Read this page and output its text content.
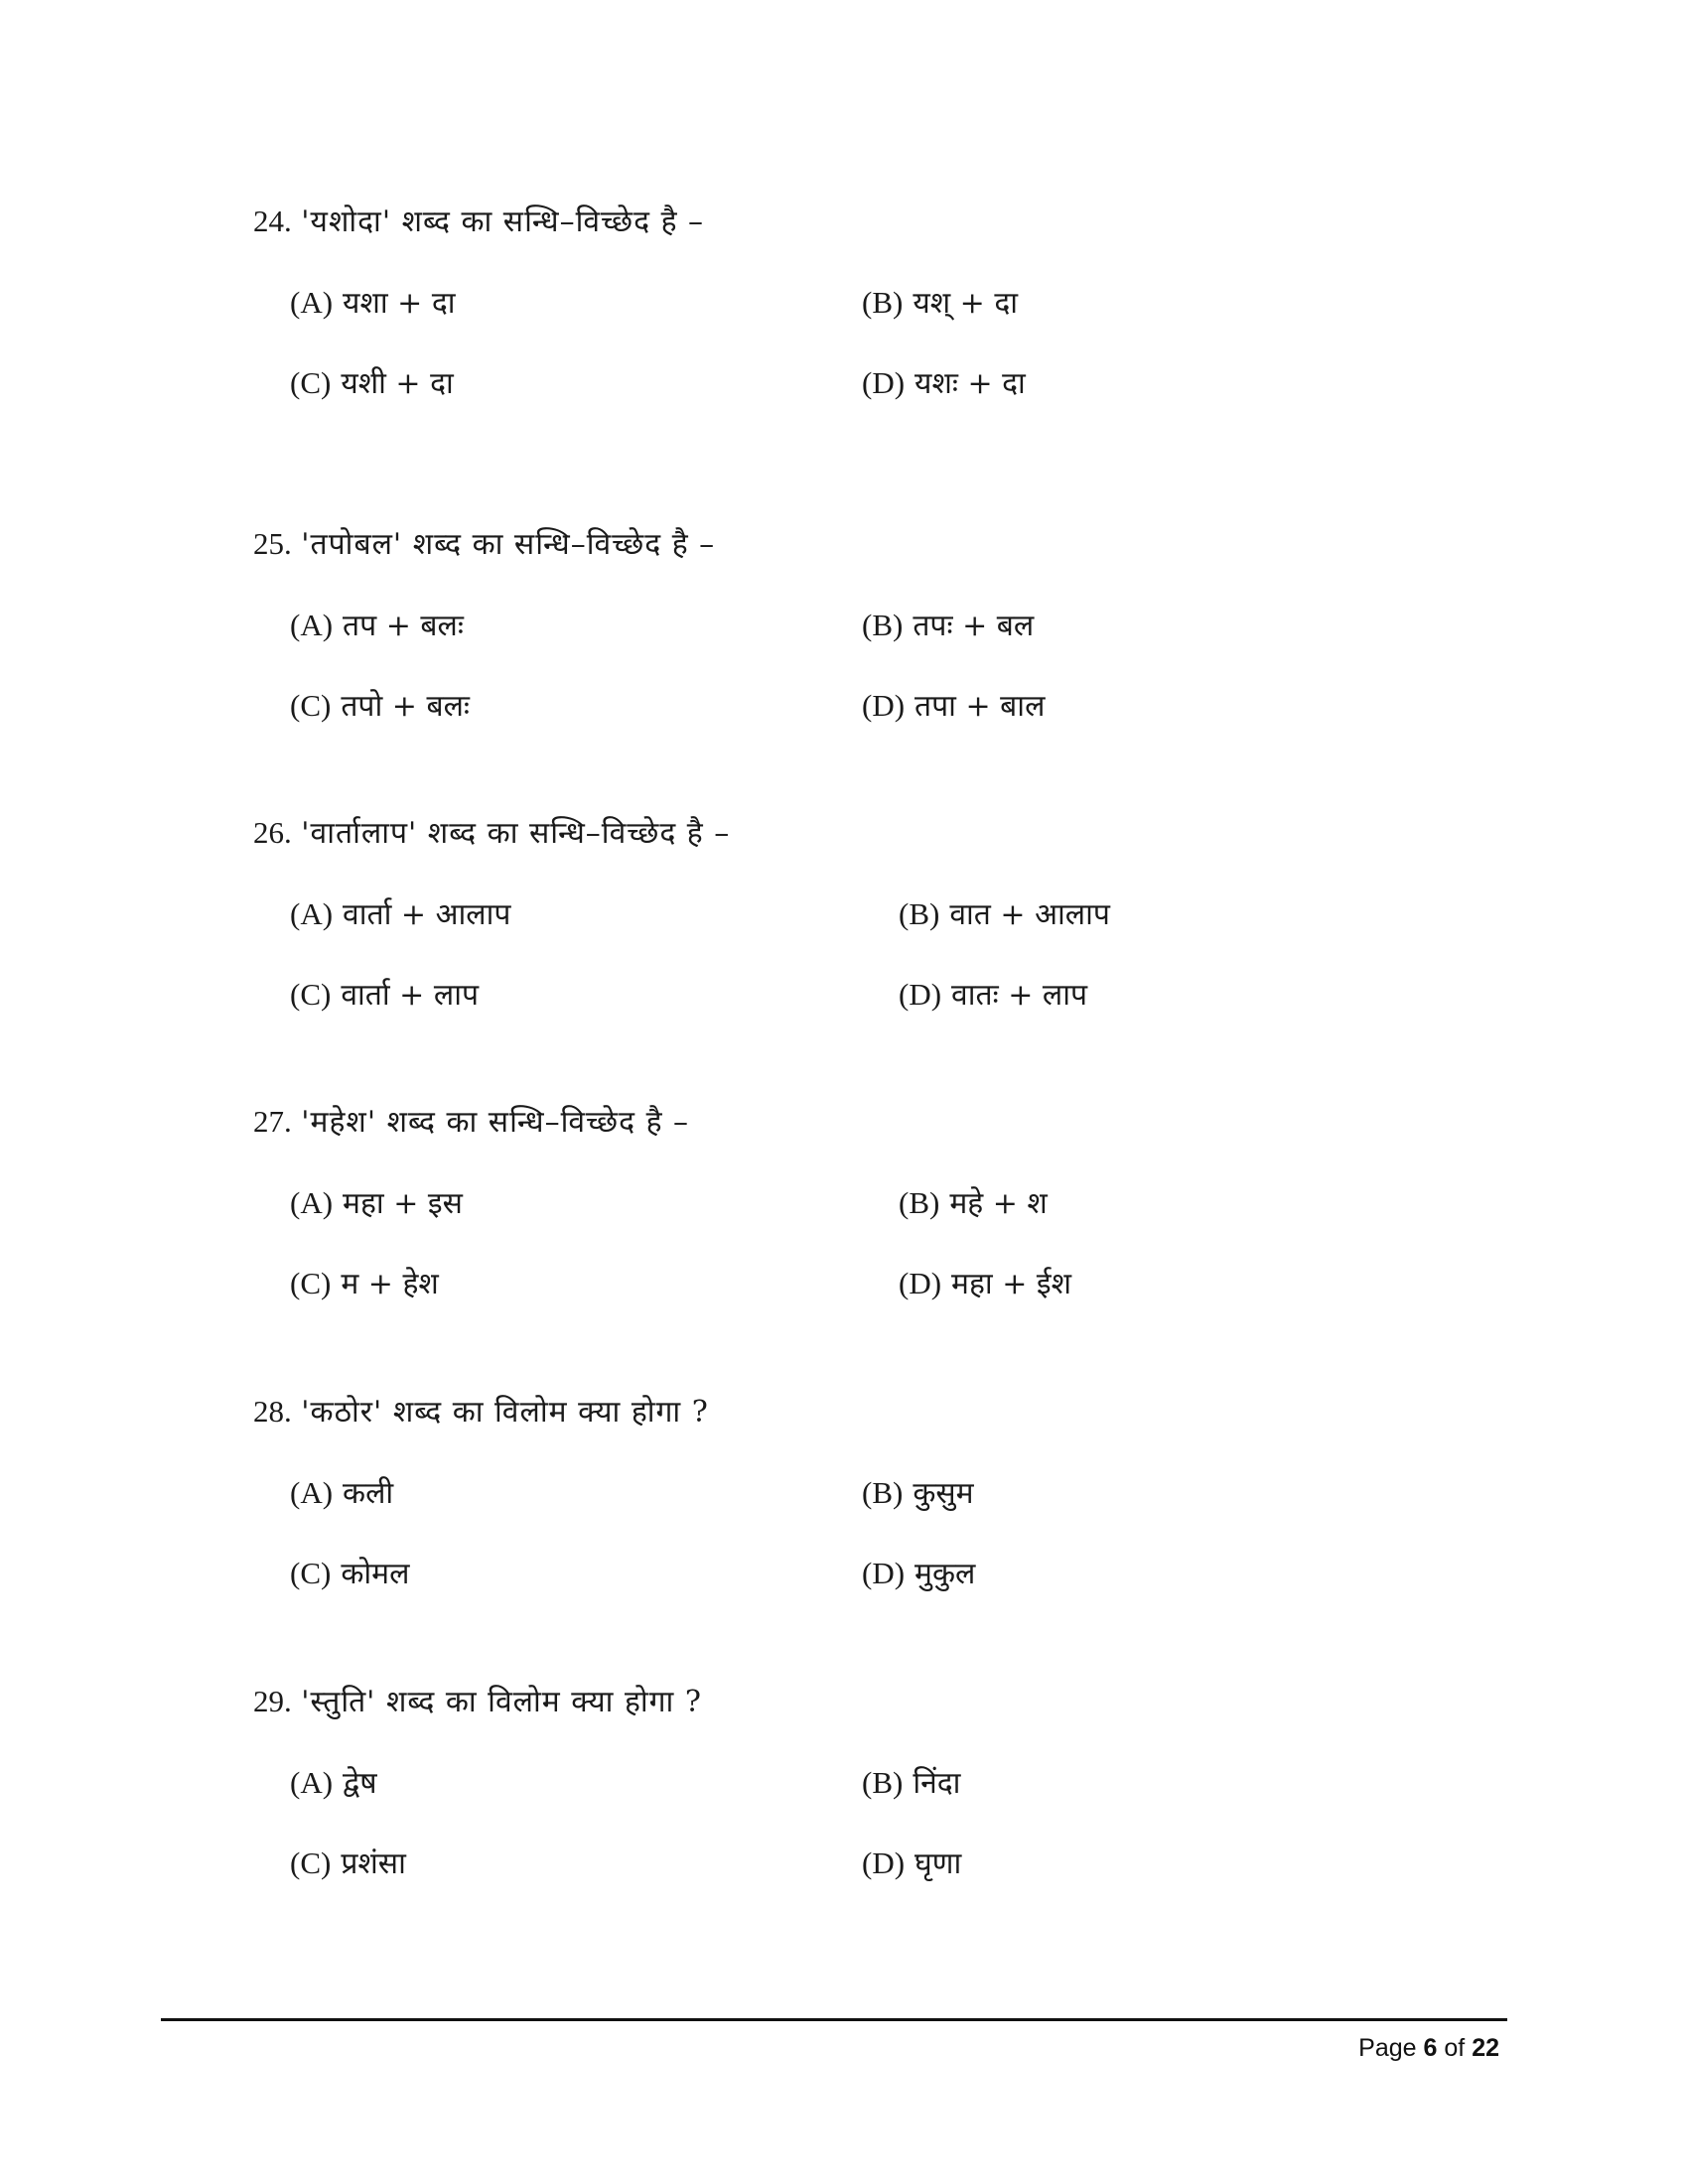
24. 'यशोदा' शब्द का सन्धि–विच्छेद है –
(A) यशा + दा	(B) यश् + दा
(C) यशी + दा	(D) यशः + दा
25. 'तपोबल' शब्द का सन्धि–विच्छेद है –
(A) तप + बलः	(B) तपः + बल
(C) तपो + बलः	(D) तपा + बाल
26. 'वार्तालाप' शब्द का सन्धि–विच्छेद है –
(A) वार्ता + आलाप	(B) वात + आलाप
(C) वार्ता + लाप	(D) वातः + लाप
27. 'महेश' शब्द का सन्धि–विच्छेद है –
(A) महा + इस	(B) महे + श
(C) म + हेश	(D) महा + ईश
28. 'कठोर' शब्द का विलोम क्या होगा ?
(A) कली	(B) कुसुम
(C) कोमल	(D) मुकुल
29. 'स्तुति' शब्द का विलोम क्या होगा ?
(A) द्वेष	(B) निंदा
(C) प्रशंसा	(D) घृणा
Page 6 of 22
